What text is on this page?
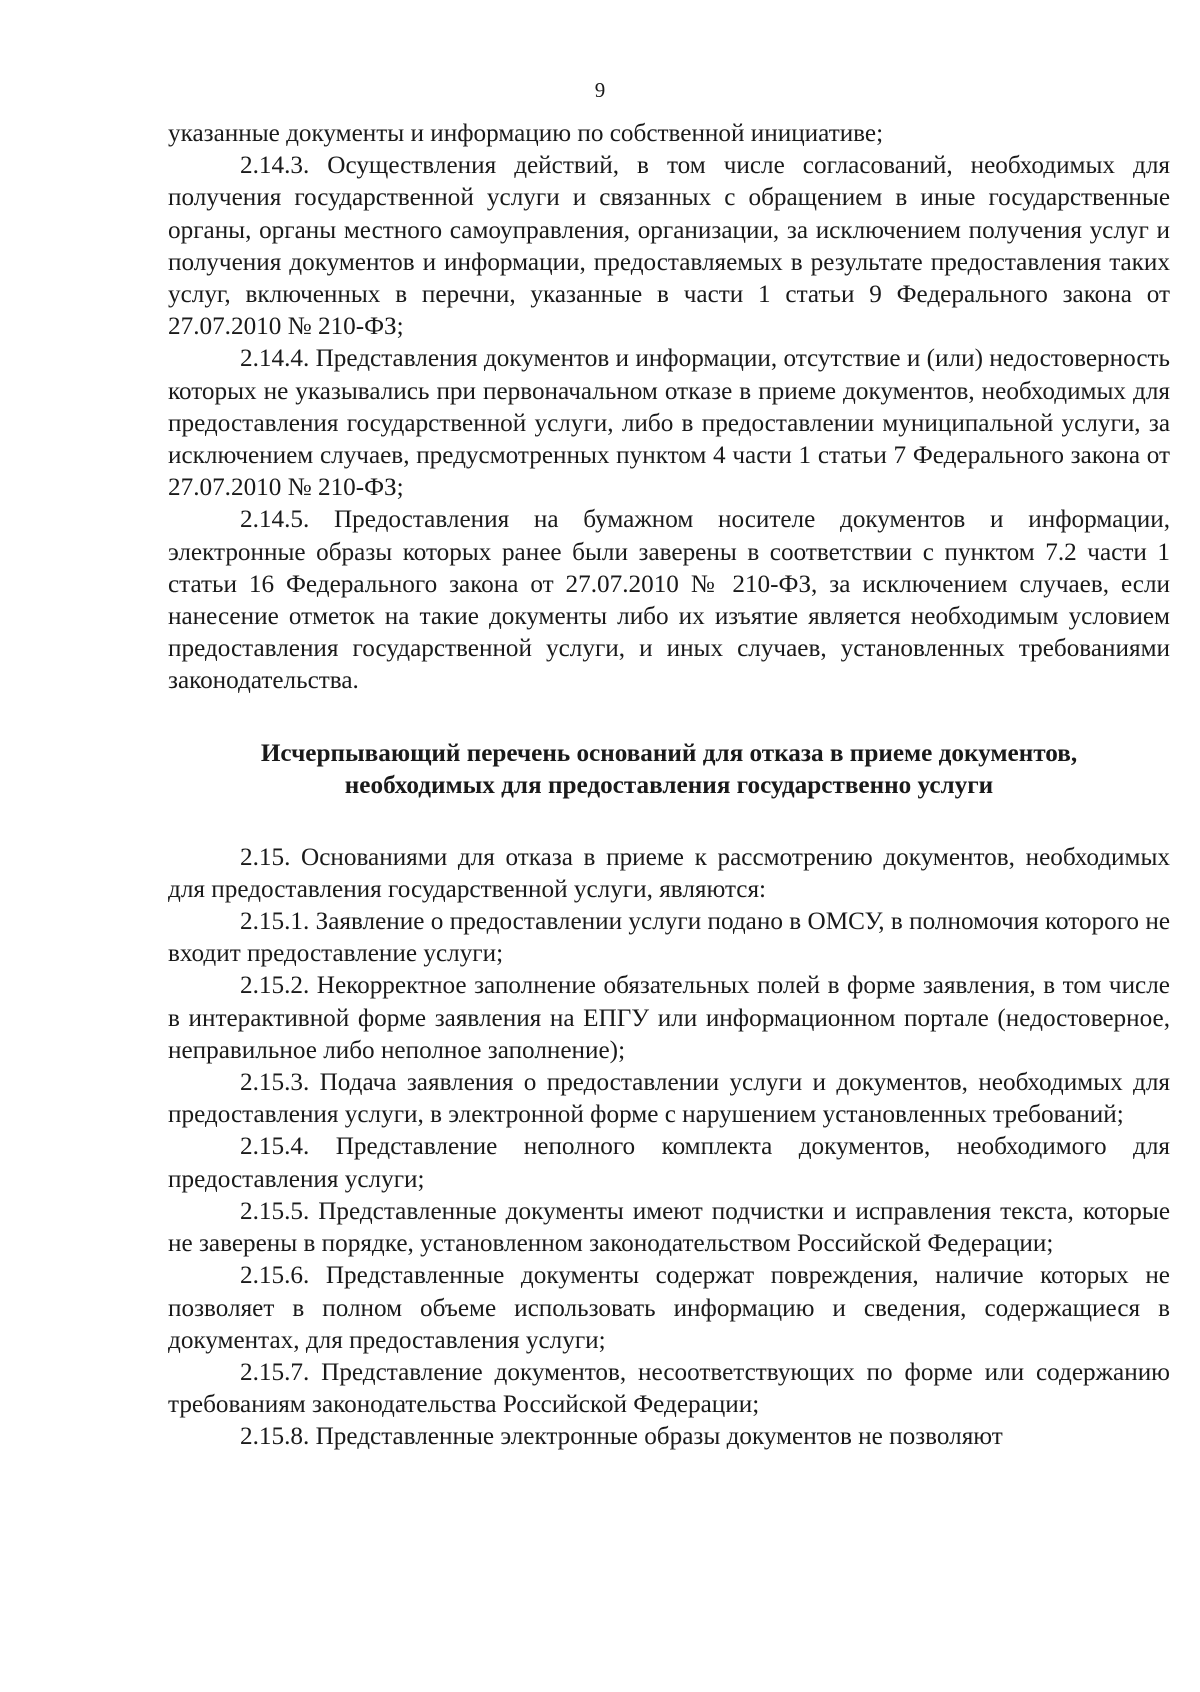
9

указанные документы и информацию по собственной инициативе;

2.14.3. Осуществления действий, в том числе согласований, необходимых для получения государственной услуги и связанных с обращением в иные государственные органы, органы местного самоуправления, организации, за исключением получения услуг и получения документов и информации, предоставляемых в результате предоставления таких услуг, включенных в перечни, указанные в части 1 статьи 9 Федерального закона от 27.07.2010 № 210-ФЗ;

2.14.4. Представления документов и информации, отсутствие и (или) недостоверность которых не указывались при первоначальном отказе в приеме документов, необходимых для предоставления государственной услуги, либо в предоставлении муниципальной услуги, за исключением случаев, предусмотренных пунктом 4 части 1 статьи 7 Федерального закона от 27.07.2010 № 210-ФЗ;

2.14.5. Предоставления на бумажном носителе документов и информации, электронные образы которых ранее были заверены в соответствии с пунктом 7.2 части 1 статьи 16 Федерального закона от 27.07.2010 № 210-ФЗ, за исключением случаев, если нанесение отметок на такие документы либо их изъятие является необходимым условием предоставления государственной услуги, и иных случаев, установленных требованиями законодательства.

Исчерпывающий перечень оснований для отказа в приеме документов,
необходимых для предоставления государственно услуги

2.15. Основаниями для отказа в приеме к рассмотрению документов, необходимых для предоставления государственной услуги, являются:

2.15.1. Заявление о предоставлении услуги подано в ОМСУ, в полномочия которого не входит предоставление услуги;

2.15.2. Некорректное заполнение обязательных полей в форме заявления, в том числе в интерактивной форме заявления на ЕПГУ или информационном портале (недостоверное, неправильное либо неполное заполнение);

2.15.3. Подача заявления о предоставлении услуги и документов, необходимых для предоставления услуги, в электронной форме с нарушением установленных требований;

2.15.4. Представление неполного комплекта документов, необходимого для предоставления услуги;

2.15.5. Представленные документы имеют подчистки и исправления текста, которые не заверены в порядке, установленном законодательством Российской Федерации;

2.15.6. Представленные документы содержат повреждения, наличие которых не позволяет в полном объеме использовать информацию и сведения, содержащиеся в документах, для предоставления услуги;

2.15.7. Представление документов, несоответствующих по форме или содержанию требованиям законодательства Российской Федерации;

2.15.8. Представленные электронные образы документов не позволяют
